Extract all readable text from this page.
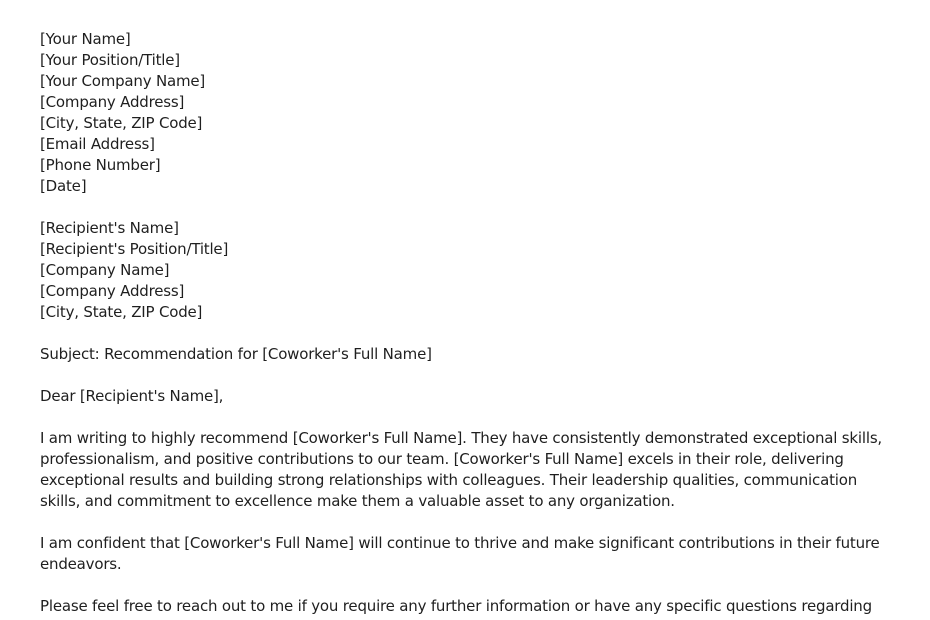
[Your Name]
[Your Position/Title]
[Your Company Name]
[Company Address]
[City, State, ZIP Code]
[Email Address]
[Phone Number]
[Date]
[Recipient's Name]
[Recipient's Position/Title]
[Company Name]
[Company Address]
[City, State, ZIP Code]
Subject: Recommendation for [Coworker's Full Name]
Dear [Recipient's Name],
I am writing to highly recommend [Coworker's Full Name]. They have consistently demonstrated exceptional skills,
professionalism, and positive contributions to our team. [Coworker's Full Name] excels in their role, delivering
exceptional results and building strong relationships with colleagues. Their leadership qualities, communication
skills, and commitment to excellence make them a valuable asset to any organization.
I am confident that [Coworker's Full Name] will continue to thrive and make significant contributions in their future
endeavors.
Please feel free to reach out to me if you require any further information or have any specific questions regarding
